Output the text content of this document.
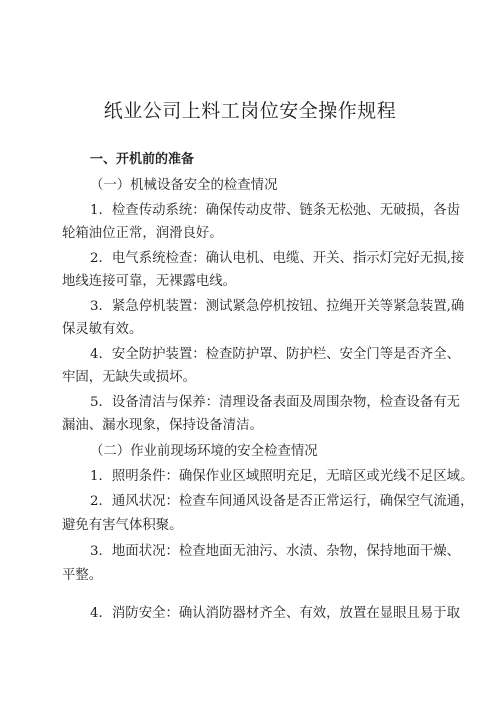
纸业公司上料工岗位安全操作规程
一、开机前的准备
（一）机械设备安全的检查情况
1．检查传动系统：确保传动皮带、链条无松弛、无破损，各齿
轮箱油位正常，润滑良好。
2．电气系统检查：确认电机、电缆、开关、指示灯完好无损,接
地线连接可靠，无裸露电线。
3．紧急停机装置：测试紧急停机按钮、拉绳开关等紧急装置,确
保灵敏有效。
4．安全防护装置：检查防护罩、防护栏、安全门等是否齐全、
牢固，无缺失或损坏。
5．设备清洁与保养：清理设备表面及周围杂物，检查设备有无
漏油、漏水现象，保持设备清洁。
（二）作业前现场环境的安全检查情况
1．照明条件：确保作业区域照明充足，无暗区或光线不足区域。
2．通风状况：检查车间通风设备是否正常运行，确保空气流通，
避免有害气体积聚。
3．地面状况：检查地面无油污、水渍、杂物，保持地面干燥、
平整。
4．消防安全：确认消防器材齐全、有效，放置在显眼且易于取
